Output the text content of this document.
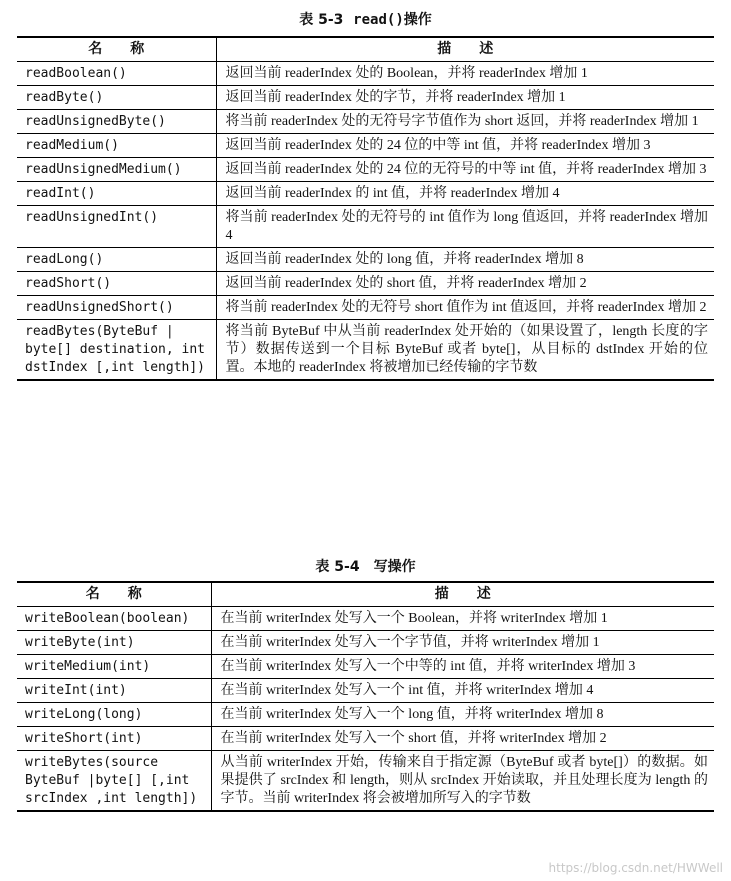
表 5-3 read()操作
名　　称	描　　述
readBoolean()	返回当前 readerIndex 处的 Boolean，并将 readerIndex 增加 1
readByte()	返回当前 readerIndex 处的字节，并将 readerIndex 增加 1
readUnsignedByte()	将当前 readerIndex 处的无符号字节值作为 short 返回，并将 readerIndex 增加 1
readMedium()	返回当前 readerIndex 处的 24 位的中等 int 值，并将 readerIndex 增加 3
readUnsignedMedium()	返回当前 readerIndex 处的 24 位的无符号的中等 int 值，并将 readerIndex 增加 3
readInt()	返回当前 readerIndex 的 int 值，并将 readerIndex 增加 4
readUnsignedInt()	将当前 readerIndex 处的无符号的 int 值作为 long 值返回，并将 readerIndex 增加 4
readLong()	返回当前 readerIndex 处的 long 值，并将 readerIndex 增加 8
readShort()	返回当前 readerIndex 处的 short 值，并将 readerIndex 增加 2
readUnsignedShort()	将当前 readerIndex 处的无符号 short 值作为 int 值返回，并将 readerIndex 增加 2
readBytes(ByteBuf | byte[] destination, int dstIndex [,int length])	将当前 ByteBuf 中从当前 readerIndex 处开始的（如果设置了，length 长度的字节）数据传送到一个目标 ByteBuf 或者 byte[]，从目标的 dstIndex 开始的位置。本地的 readerIndex 将被增加已经传输的字节数
表 5-4　写操作
名　　称	描　　述
writeBoolean(boolean)	在当前 writerIndex 处写入一个 Boolean，并将 writerIndex 增加 1
writeByte(int)	在当前 writerIndex 处写入一个字节值，并将 writerIndex 增加 1
writeMedium(int)	在当前 writerIndex 处写入一个中等的 int 值，并将 writerIndex 增加 3
writeInt(int)	在当前 writerIndex 处写入一个 int 值，并将 writerIndex 增加 4
writeLong(long)	在当前 writerIndex 处写入一个 long 值，并将 writerIndex 增加 8
writeShort(int)	在当前 writerIndex 处写入一个 short 值，并将 writerIndex 增加 2
writeBytes(source ByteBuf |byte[] [,int srcIndex ,int length])	从当前 writerIndex 开始，传输来自于指定源（ByteBuf 或者 byte[]）的数据。如果提供了 srcIndex 和 length，则从 srcIndex 开始读取，并且处理长度为 length 的字节。当前 writerIndex 将会被增加所写入的字节数
https://blog.csdn.net/HWWell
